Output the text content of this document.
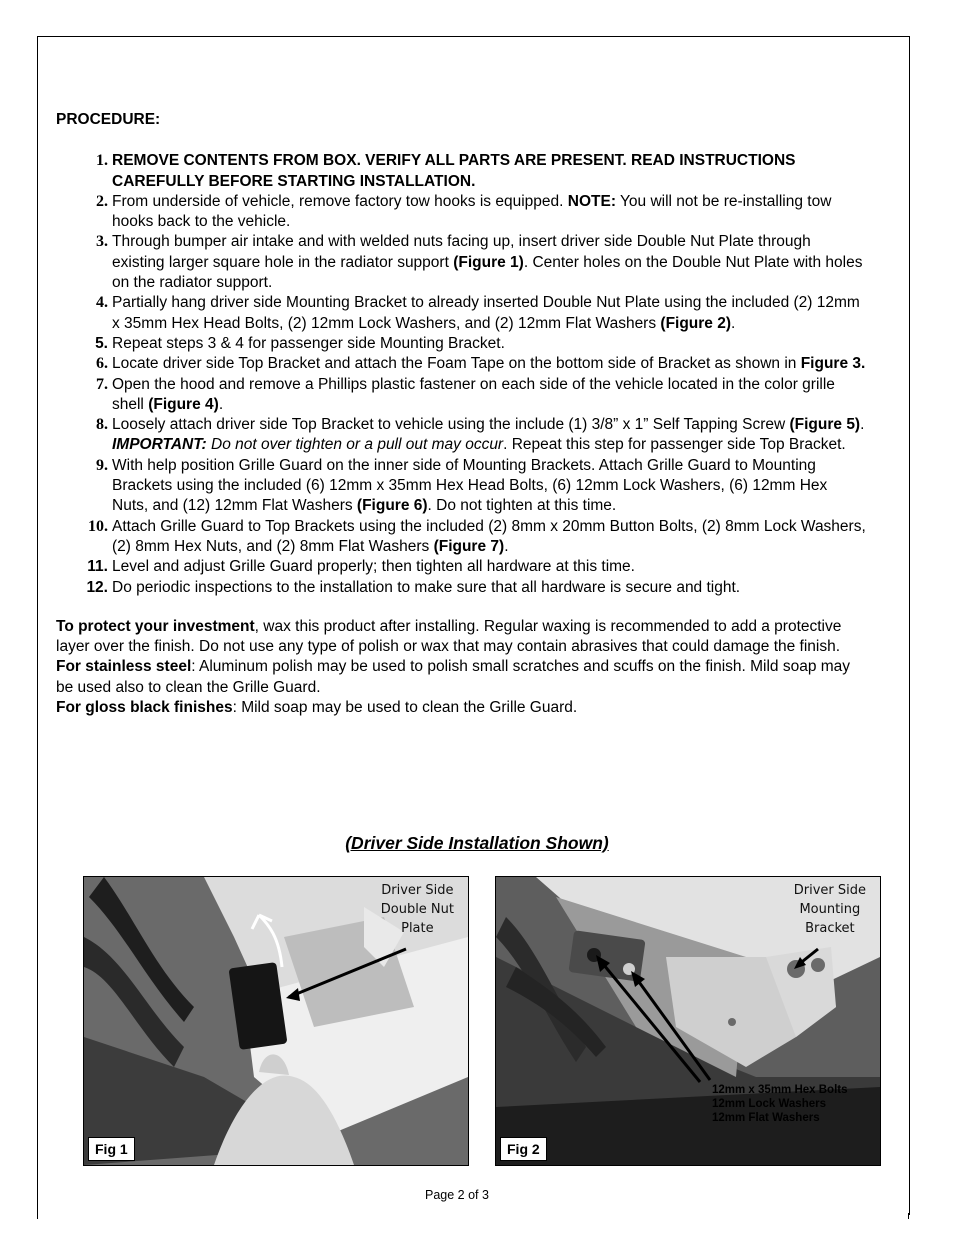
PROCEDURE:

1. REMOVE CONTENTS FROM BOX. VERIFY ALL PARTS ARE PRESENT. READ INSTRUCTIONS CAREFULLY BEFORE STARTING INSTALLATION.
2. From underside of vehicle, remove factory tow hooks is equipped. NOTE: You will not be re-installing tow hooks back to the vehicle.
3. Through bumper air intake and with welded nuts facing up, insert driver side Double Nut Plate through existing larger square hole in the radiator support (Figure 1). Center holes on the Double Nut Plate with holes on the radiator support.
4. Partially hang driver side Mounting Bracket to already inserted Double Nut Plate using the included (2) 12mm x 35mm Hex Head Bolts, (2) 12mm Lock Washers, and (2) 12mm Flat Washers (Figure 2).
5. Repeat steps 3 & 4 for passenger side Mounting Bracket.
6. Locate driver side Top Bracket and attach the Foam Tape on the bottom side of Bracket as shown in Figure 3.
7. Open the hood and remove a Phillips plastic fastener on each side of the vehicle located in the color grille shell (Figure 4).
8. Loosely attach driver side Top Bracket to vehicle using the include (1) 3/8” x 1” Self Tapping Screw (Figure 5). IMPORTANT: Do not over tighten or a pull out may occur. Repeat this step for passenger side Top Bracket.
9. With help position Grille Guard on the inner side of Mounting Brackets. Attach Grille Guard to Mounting Brackets using the included (6) 12mm x 35mm Hex Head Bolts, (6) 12mm Lock Washers, (6) 12mm Hex Nuts, and (12) 12mm Flat Washers (Figure 6). Do not tighten at this time.
10. Attach Grille Guard to Top Brackets using the included (2) 8mm x 20mm Button Bolts, (2) 8mm Lock Washers, (2) 8mm Hex Nuts, and (2) 8mm Flat Washers (Figure 7).
11. Level and adjust Grille Guard properly; then tighten all hardware at this time.
12. Do periodic inspections to the installation to make sure that all hardware is secure and tight.

To protect your investment, wax this product after installing. Regular waxing is recommended to add a protective layer over the finish. Do not use any type of polish or wax that may contain abrasives that could damage the finish.

For stainless steel: Aluminum polish may be used to polish small scratches and scuffs on the finish. Mild soap may be used also to clean the Grille Guard.

For gloss black finishes: Mild soap may be used to clean the Grille Guard.

(Driver Side Installation Shown)
Driver Side
Double Nut
Plate
Fig 1
Driver Side
Mounting
Bracket
12mm x 35mm Hex Bolts
12mm Lock Washers
12mm Flat Washers
Fig 2
Page 2 of 3
